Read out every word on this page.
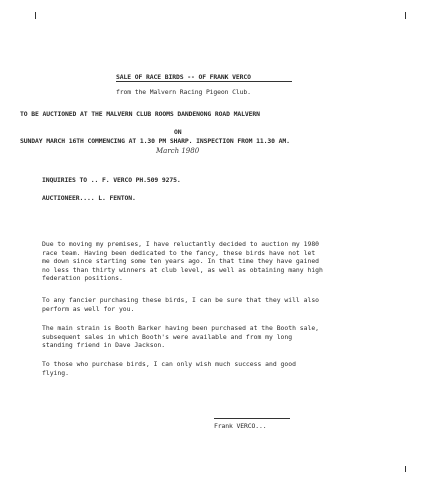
SALE OF RACE BIRDS -- OF FRANK VERCO
from the Malvern Racing Pigeon Club.
TO BE AUCTIONED AT THE MALVERN CLUB ROOMS DANDENONG ROAD MALVERN
ON
SUNDAY MARCH 16TH COMMENCING AT 1.30 PM SHARP. INSPECTION FROM 11.30 AM.
March 1980
INQUIRIES TO .. F. VERCO PH.509 9275.
AUCTIONEER.... L. FENTON.
Due to moving my premises, I have reluctantly decided to auction my 1980
race team. Having been dedicated to the fancy, these birds have not let
me down since starting some ten years ago. In that time they have gained
no less than thirty winners at club level, as well as obtaining many high
federation positions.
To any fancier purchasing these birds, I can be sure that they will also
perform as well for you.
The main strain is Booth Barker having been purchased at the Booth sale,
subsequent sales in which Booth's were available and from my long
standing friend in Dave Jackson.
To those who purchase birds, I can only wish much success and good
flying.
Frank VERCO...
